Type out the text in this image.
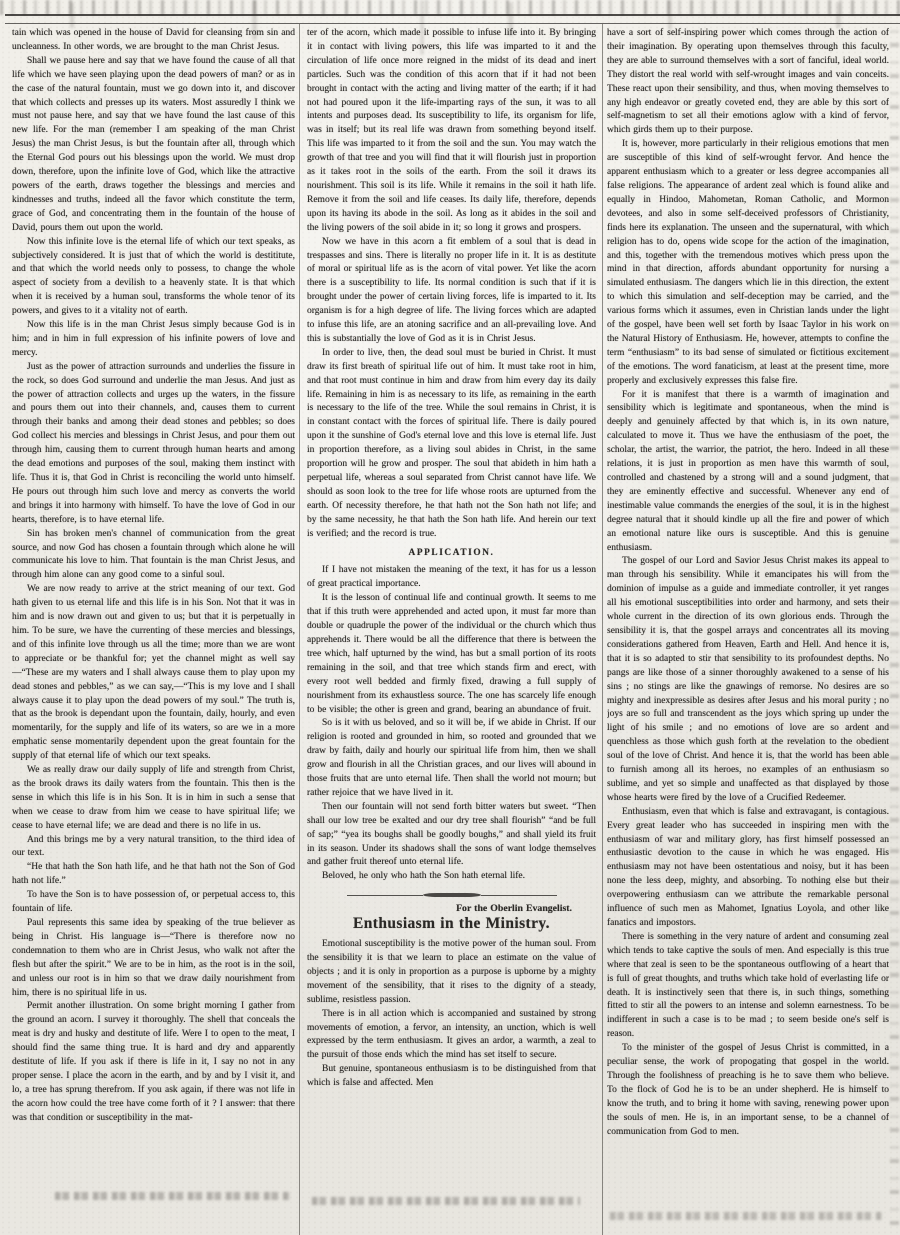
tain which was opened in the house of David for cleansing from sin and uncleanness. In other words, we are brought to the man Christ Jesus.

Shall we pause here and say that we have found the cause of all that life which we have seen playing upon the dead powers of man? or as in the case of the natural fountain, must we go down into it, and discover that which collects and presses up its waters. Most assuredly I think we must not pause here, and say that we have found the last cause of this new life. For the man (remember I am speaking of the man Christ Jesus) the man Christ Jesus, is but the fountain after all, through which the Eternal God pours out his blessings upon the world. We must drop down, therefore, upon the infinite love of God, which like the attractive powers of the earth, draws together the blessings and mercies and kindnesses and truths, indeed all the favor which constitute the term, grace of God, and concentrating them in the fountain of the house of David, pours them out upon the world.

Now this infinite love is the eternal life of which our text speaks, as subjectively considered. It is just that of which the world is destititute, and that which the world needs only to possess, to change the whole aspect of society from a devilish to a heavenly state. It is that which when it is received by a human soul, transforms the whole tenor of its powers, and gives to it a vitality not of earth.

Now this life is in the man Christ Jesus simply because God is in him; and in him in full expression of his infinite powers of love and mercy.

Just as the power of attraction surrounds and underlies the fissure in the rock, so does God surround and underlie the man Jesus. And just as the power of attraction collects and urges up the waters, in the fissure and pours them out into their channels, and, causes them to current through their banks and among their dead stones and pebbles; so does God collect his mercies and blessings in Christ Jesus, and pour them out through him, causing them to current through human hearts and among the dead emotions and purposes of the soul, making them instinct with life. Thus it is, that God in Christ is reconciling the world unto himself. He pours out through him such love and mercy as converts the world and brings it into harmony with himself. To have the love of God in our hearts, therefore, is to have eternal life.

Sin has broken men's channel of communication from the great source, and now God has chosen a fountain through which alone he will communicate his love to him. That fountain is the man Christ Jesus, and through him alone can any good come to a sinful soul.

We are now ready to arrive at the strict meaning of our text. God hath given to us eternal life and this life is in his Son. Not that it was in him and is now drawn out and given to us; but that it is perpetually in him. To be sure, we have the currenting of these mercies and blessings, and of this infinite love through us all the time; more than we are wont to appreciate or be thankful for; yet the channel might as well say—“These are my waters and I shall always cause them to play upon my dead stones and pebbles,” as we can say,—“This is my love and I shall always cause it to play upon the dead powers of my soul.” The truth is, that as the brook is dependant upon the fountain, daily, hourly, and even momentarily, for the supply and life of its waters, so are we in a more emphatic sense momentarily dependent upon the great fountain for the supply of that eternal life of which our text speaks.

We as really draw our daily supply of life and strength from Christ, as the brook draws its daily waters from the fountain. This then is the sense in which this life is in his Son. It is in him in such a sense that when we cease to draw from him we cease to have spiritual life; we cease to have eternal life; we are dead and there is no life in us.

And this brings me by a very natural transition, to the third idea of our text.

“He that hath the Son hath life, and he that hath not the Son of God hath not life.”

To have the Son is to have possession of, or perpetual access to, this fountain of life.

Paul represents this same idea by speaking of the true believer as being in Christ. His language is—“There is therefore now no condemnation to them who are in Christ Jesus, who walk not after the flesh but after the spirit.” We are to be in him, as the root is in the soil, and unless our root is in him so that we draw daily nourishment from him, there is no spiritual life in us.

Permit another illustration. On some bright morning I gather from the ground an acorn. I survey it thoroughly. The shell that conceals the meat is dry and husky and destitute of life. Were I to open to the meat, I should find the same thing true. It is hard and dry and apparently destitute of life. If you ask if there is life in it, I say no not in any proper sense. I place the acorn in the earth, and by and by I visit it, and lo, a tree has sprung therefrom. If you ask again, if there was not life in the acorn how could the tree have come forth of it ? I answer: that there was that condition or susceptibility in the mat-

ter of the acorn, which made it possible to infuse life into it. By bringing it in contact with living powers, this life was imparted to it and the circulation of life once more reigned in the midst of its dead and inert particles. Such was the condition of this acorn that if it had not been brought in contact with the acting and living matter of the earth; if it had not had poured upon it the life-imparting rays of the sun, it was to all intents and purposes dead. Its susceptibility to life, its organism for life, was in itself; but its real life was drawn from something beyond itself. This life was imparted to it from the soil and the sun. You may watch the growth of that tree and you will find that it will flourish just in proportion as it takes root in the soils of the earth. From the soil it draws its nourishment. This soil is its life. While it remains in the soil it hath life. Remove it from the soil and life ceases. Its daily life, therefore, depends upon its having its abode in the soil. As long as it abides in the soil and the living powers of the soil abide in it; so long it grows and prospers.

Now we have in this acorn a fit emblem of a soul that is dead in trespasses and sins. There is literally no proper life in it. It is as destitute of moral or spiritual life as is the acorn of vital power. Yet like the acorn there is a susceptibility to life. Its normal condition is such that if it is brought under the power of certain living forces, life is imparted to it. Its organism is for a high degree of life. The living forces which are adapted to infuse this life, are an atoning sacrifice and an all-prevailing love. And this is substantially the love of God as it is in Christ Jesus.

In order to live, then, the dead soul must be buried in Christ. It must draw its first breath of spiritual life out of him. It must take root in him, and that root must continue in him and draw from him every day its daily life. Remaining in him is as necessary to its life, as remaining in the earth is necessary to the life of the tree. While the soul remains in Christ, it is in constant contact with the forces of spiritual life. There is daily poured upon it the sunshine of God's eternal love and this love is eternal life. Just in proportion therefore, as a living soul abides in Christ, in the same proportion will he grow and prosper. The soul that abideth in him hath a perpetual life, whereas a soul separated from Christ cannot have life. We should as soon look to the tree for life whose roots are upturned from the earth. Of necessity therefore, he that hath not the Son hath not life; and by the same necessity, he that hath the Son hath life. And herein our text is verified; and the record is true.

APPLICATION.

If I have not mistaken the meaning of the text, it has for us a lesson of great practical importance.

It is the lesson of continual life and continual growth. It seems to me that if this truth were apprehended and acted upon, it must far more than double or quadruple the power of the individual or the church which thus apprehends it. There would be all the difference that there is between the tree which, half upturned by the wind, has but a small portion of its roots remaining in the soil, and that tree which stands firm and erect, with every root well bedded and firmly fixed, drawing a full supply of nourishment from its exhaustless source. The one has scarcely life enough to be visible; the other is green and grand, bearing an abundance of fruit.

So is it with us beloved, and so it will be, if we abide in Christ. If our religion is rooted and grounded in him, so rooted and grounded that we draw by faith, daily and hourly our spiritual life from him, then we shall grow and flourish in all the Christian graces, and our lives will abound in those fruits that are unto eternal life. Then shall the world not mourn; but rather rejoice that we have lived in it.

Then our fountain will not send forth bitter waters but sweet. “Then shall our low tree be exalted and our dry tree shall flourish” “and be full of sap;” “yea its boughs shall be goodly boughs,” and shall yield its fruit in its season. Under its shadows shall the sons of want lodge themselves and gather fruit thereof unto eternal life.

Beloved, he only who hath the Son hath eternal life.

For the Oberlin Evangelist.

Enthusiasm in the Ministry.

Emotional susceptibility is the motive power of the human soul. From the sensibility it is that we learn to place an estimate on the value of objects ; and it is only in proportion as a purpose is upborne by a mighty movement of the sensibility, that it rises to the dignity of a steady, sublime, resistless passion.

There is in all action which is accompanied and sustained by strong movements of emotion, a fervor, an intensity, an unction, which is well expressed by the term enthusiasm. It gives an ardor, a warmth, a zeal to the pursuit of those ends which the mind has set itself to secure.

But genuine, spontaneous enthusiasm is to be distinguished from that which is false and affected. Men

have a sort of self-inspiring power which comes through the action of their imagination. By operating upon themselves through this faculty, they are able to surround themselves with a sort of fanciful, ideal world. They distort the real world with self-wrought images and vain conceits. These react upon their sensibility, and thus, when moving themselves to any high endeavor or greatly coveted end, they are able by this sort of self-magnetism to set all their emotions aglow with a kind of fervor, which girds them up to their purpose.

It is, however, more particularly in their religious emotions that men are susceptible of this kind of self-wrought fervor. And hence the apparent enthusiasm which to a greater or less degree accompanies all false religions. The appearance of ardent zeal which is found alike and equally in Hindoo, Mahometan, Roman Catholic, and Mormon devotees, and also in some self-deceived professors of Christianity, finds here its explanation. The unseen and the supernatural, with which religion has to do, opens wide scope for the action of the imagination, and this, together with the tremendous motives which press upon the mind in that direction, affords abundant opportunity for nursing a simulated enthusiasm. The dangers which lie in this direction, the extent to which this simulation and self-deception may be carried, and the various forms which it assumes, even in Christian lands under the light of the gospel, have been well set forth by Isaac Taylor in his work on the Natural History of Enthusiasm. He, however, attempts to confine the term “enthusiasm” to its bad sense of simulated or fictitious excitement of the emotions. The word fanaticism, at least at the present time, more properly and exclusively expresses this false fire.

For it is manifest that there is a warmth of imagination and sensibility which is legitimate and spontaneous, when the mind is deeply and genuinely affected by that which is, in its own nature, calculated to move it. Thus we have the enthusiasm of the poet, the scholar, the artist, the warrior, the patriot, the hero. Indeed in all these relations, it is just in proportion as men have this warmth of soul, controlled and chastened by a strong will and a sound judgment, that they are eminently effective and successful. Whenever any end of inestimable value commands the energies of the soul, it is in the highest degree natural that it should kindle up all the fire and power of which an emotional nature like ours is susceptible. And this is genuine enthusiasm.

The gospel of our Lord and Savior Jesus Christ makes its appeal to man through his sensibility. While it emancipates his will from the dominion of impulse as a guide and immediate controller, it yet ranges all his emotional susceptibilities into order and harmony, and sets their whole current in the direction of its own glorious ends. Through the sensibility it is, that the gospel arrays and concentrates all its moving considerations gathered from Heaven, Earth and Hell. And hence it is, that it is so adapted to stir that sensibility to its profoundest depths. No pangs are like those of a sinner thoroughly awakened to a sense of his sins ; no stings are like the gnawings of remorse. No desires are so mighty and inexpressible as desires after Jesus and his moral purity ; no joys are so full and transcendent as the joys which spring up under the light of his smile ; and no emotions of love are so ardent and quenchless as those which gush forth at the revelation to the obedient soul of the love of Christ. And hence it is, that the world has been able to furnish among all its heroes, no examples of an enthusiasm so sublime, and yet so simple and unaffected as that displayed by those whose hearts were fired by the love of a Crucified Redeemer.

Enthusiasm, even that which is false and extravagant, is contagious. Every great leader who has succeeded in inspiring men with the enthusiasm of war and military glory, has first himself possessed an enthusiastic devotion to the cause in which he was engaged. His enthusiasm may not have been ostentatious and noisy, but it has been none the less deep, mighty, and absorbing. To nothing else but their overpowering enthusiasm can we attribute the remarkable personal influence of such men as Mahomet, Ignatius Loyola, and other like fanatics and impostors.

There is something in the very nature of ardent and consuming zeal which tends to take captive the souls of men. And especially is this true where that zeal is seen to be the spontaneous outflowing of a heart that is full of great thoughts, and truths which take hold of everlasting life or death. It is instinctively seen that there is, in such things, something fitted to stir all the powers to an intense and solemn earnestness. To be indifferent in such a case is to be mad ; to seem beside one's self is reason.

To the minister of the gospel of Jesus Christ is committed, in a peculiar sense, the work of propogating that gospel in the world. Through the foolishness of preaching is he to save them who believe. To the flock of God he is to be an under shepherd. He is himself to know the truth, and to bring it home with saving, renewing power upon the souls of men. He is, in an important sense, to be a channel of communication from God to men.
